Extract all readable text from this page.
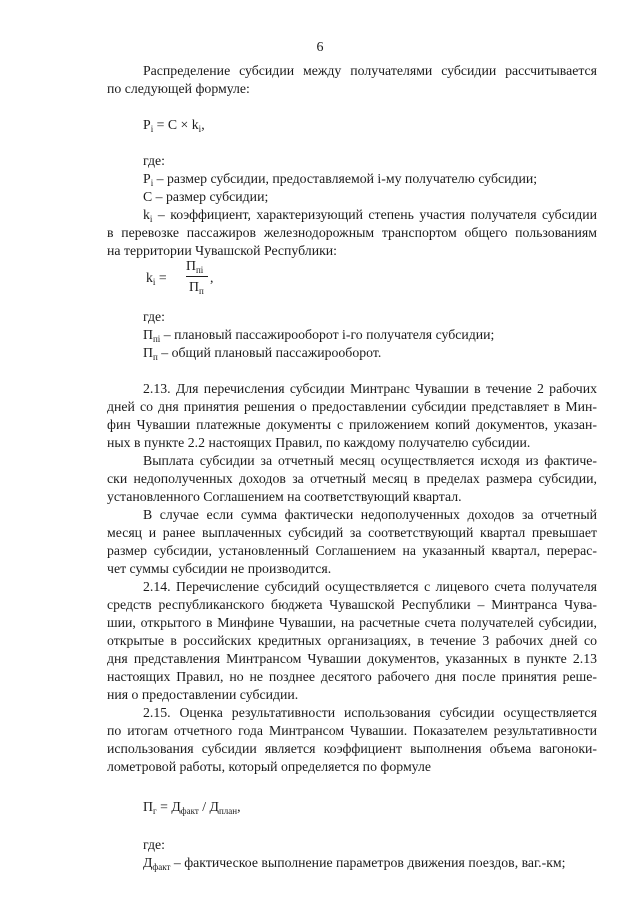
6
Распределение субсидии между получателями субсидии рассчитывается
по следующей формуле:
$P_i = C \times k_i$,
где:
$P_i$ – размер субсидии, предоставляемой i-му получателю субсидии;
C – размер субсидии;
$k_i$ – коэффициент, характеризующий степень участия получателя субсидии
в перевозке пассажиров железнодорожным транспортом общего пользованиям
на территории Чувашской Республики:
$k_i$ =
$П_{пi}$
$П_п$
,
где:
$П_{пi}$ – плановый пассажирооборот i-го получателя субсидии;
$П_п$ – общий плановый пассажирооборот.
2.13. Для перечисления субсидии Минтранс Чувашии в течение 2 рабочих
дней со дня принятия решения о предоставлении субсидии представляет в Мин-
фин Чувашии платежные документы с приложением копий документов, указан-
ных в пункте 2.2 настоящих Правил, по каждому получателю субсидии.
Выплата субсидии за отчетный месяц осуществляется исходя из фактиче-
ски недополученных доходов за отчетный месяц в пределах размера субсидии,
установленного Соглашением на соответствующий квартал.
В случае если сумма фактически недополученных доходов за отчетный
месяц и ранее выплаченных субсидий за соответствующий квартал превышает
размер субсидии, установленный Соглашением на указанный квартал, перерас-
чет суммы субсидии не производится.
2.14. Перечисление субсидий осуществляется с лицевого счета получателя
средств республиканского бюджета Чувашской Республики – Минтранса Чува-
шии, открытого в Минфине Чувашии, на расчетные счета получателей субсидии,
открытые в российских кредитных организациях, в течение 3 рабочих дней со
дня представления Минтрансом Чувашии документов, указанных в пункте 2.13
настоящих Правил, но не позднее десятого рабочего дня после принятия реше-
ния о предоставлении субсидии.
2.15. Оценка результативности использования субсидии осуществляется
по итогам отчетного года Минтрансом Чувашии. Показателем результативности
использования субсидии является коэффициент выполнения объема вагоноки-
лометровой работы, который определяется по формуле
$П_г = Д_{факт} / Д_{план}$,
где:
$Д_{факт}$ – фактическое выполнение параметров движения поездов, ваг.-км;
